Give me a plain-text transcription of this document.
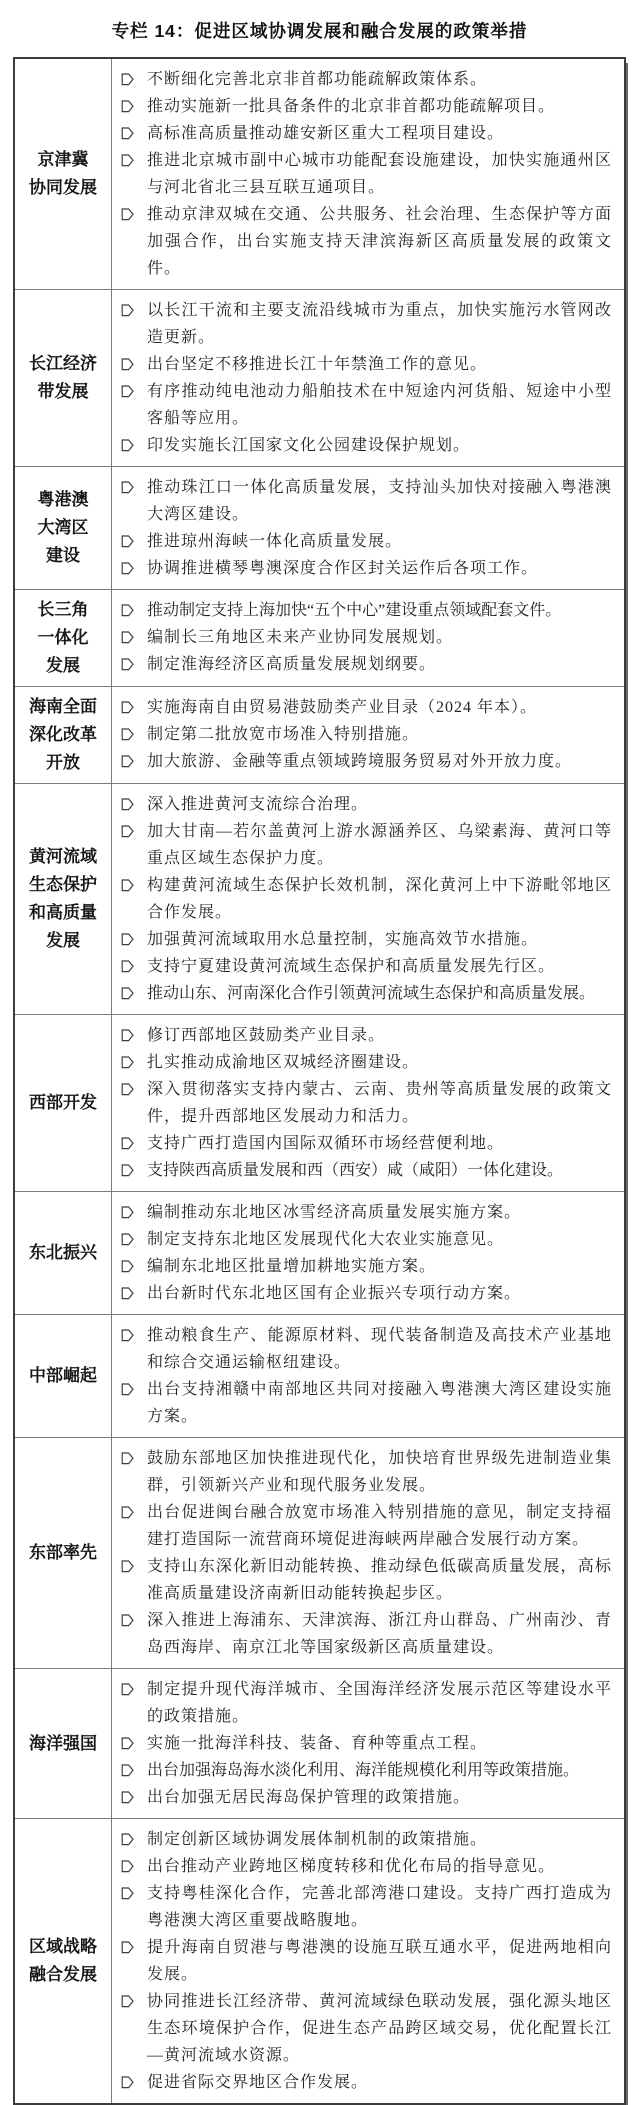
专栏 14：促进区域协调发展和融合发展的政策举措
京津冀
协同发展
不断细化完善北京非首都功能疏解政策体系。
推动实施新一批具备条件的北京非首都功能疏解项目。
高标准高质量推动雄安新区重大工程项目建设。
推进北京城市副中心城市功能配套设施建设，加快实施通州区与河北省北三县互联互通项目。
推动京津双城在交通、公共服务、社会治理、生态保护等方面加强合作，出台实施支持天津滨海新区高质量发展的政策文件。
长江经济
带发展
以长江干流和主要支流沿线城市为重点，加快实施污水管网改造更新。
出台坚定不移推进长江十年禁渔工作的意见。
有序推动纯电池动力船舶技术在中短途内河货船、短途中小型客船等应用。
印发实施长江国家文化公园建设保护规划。
粤港澳
大湾区
建设
推动珠江口一体化高质量发展，支持汕头加快对接融入粤港澳大湾区建设。
推进琼州海峡一体化高质量发展。
协调推进横琴粤澳深度合作区封关运作后各项工作。
长三角
一体化
发展
推动制定支持上海加快“五个中心”建设重点领域配套文件。
编制长三角地区未来产业协同发展规划。
制定淮海经济区高质量发展规划纲要。
海南全面
深化改革
开放
实施海南自由贸易港鼓励类产业目录（2024 年本）。
制定第二批放宽市场准入特别措施。
加大旅游、金融等重点领域跨境服务贸易对外开放力度。
黄河流域
生态保护
和高质量
发展
深入推进黄河支流综合治理。
加大甘南—若尔盖黄河上游水源涵养区、乌梁素海、黄河口等重点区域生态保护力度。
构建黄河流域生态保护长效机制，深化黄河上中下游毗邻地区合作发展。
加强黄河流域取用水总量控制，实施高效节水措施。
支持宁夏建设黄河流域生态保护和高质量发展先行区。
推动山东、河南深化合作引领黄河流域生态保护和高质量发展。
西部开发
修订西部地区鼓励类产业目录。
扎实推动成渝地区双城经济圈建设。
深入贯彻落实支持内蒙古、云南、贵州等高质量发展的政策文件，提升西部地区发展动力和活力。
支持广西打造国内国际双循环市场经营便利地。
支持陕西高质量发展和西（西安）咸（咸阳）一体化建设。
东北振兴
编制推动东北地区冰雪经济高质量发展实施方案。
制定支持东北地区发展现代化大农业实施意见。
编制东北地区批量增加耕地实施方案。
出台新时代东北地区国有企业振兴专项行动方案。
中部崛起
推动粮食生产、能源原材料、现代装备制造及高技术产业基地和综合交通运输枢纽建设。
出台支持湘赣中南部地区共同对接融入粤港澳大湾区建设实施方案。
东部率先
鼓励东部地区加快推进现代化，加快培育世界级先进制造业集群，引领新兴产业和现代服务业发展。
出台促进闽台融合放宽市场准入特别措施的意见，制定支持福建打造国际一流营商环境促进海峡两岸融合发展行动方案。
支持山东深化新旧动能转换、推动绿色低碳高质量发展，高标准高质量建设济南新旧动能转换起步区。
深入推进上海浦东、天津滨海、浙江舟山群岛、广州南沙、青岛西海岸、南京江北等国家级新区高质量建设。
海洋强国
制定提升现代海洋城市、全国海洋经济发展示范区等建设水平的政策措施。
实施一批海洋科技、装备、育种等重点工程。
出台加强海岛海水淡化利用、海洋能规模化利用等政策措施。
出台加强无居民海岛保护管理的政策措施。
区域战略
融合发展
制定创新区域协调发展体制机制的政策措施。
出台推动产业跨地区梯度转移和优化布局的指导意见。
支持粤桂深化合作，完善北部湾港口建设。支持广西打造成为粤港澳大湾区重要战略腹地。
提升海南自贸港与粤港澳的设施互联互通水平，促进两地相向发展。
协同推进长江经济带、黄河流域绿色联动发展，强化源头地区生态环境保护合作，促进生态产品跨区域交易，优化配置长江—黄河流域水资源。
促进省际交界地区合作发展。
